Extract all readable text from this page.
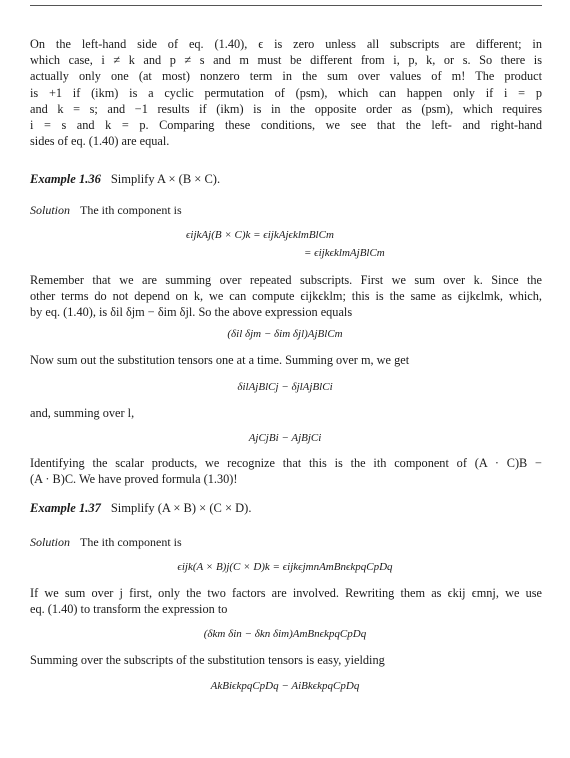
On the left-hand side of eq. (1.40), ϵ is zero unless all subscripts are different; in
which case, i ≠ k and p ≠ s and m must be different from i, p, k, or s. So there is
actually only one (at most) nonzero term in the sum over values of m! The product
is +1 if (ikm) is a cyclic permutation of (psm), which can happen only if i = p
and k = s; and −1 results if (ikm) is in the opposite order as (psm), which requires
i = s and k = p. Comparing these conditions, we see that the left- and right-hand
sides of eq. (1.40) are equal.
Example 1.36 Simplify A × (B × C).
Solution The ith component is
ϵijkAj(B × C)k = ϵijkAjϵklmBlCm
= ϵijkϵklmAjBlCm
Remember that we are summing over repeated subscripts. First we sum over k. Since the
other terms do not depend on k, we can compute ϵijkϵklm; this is the same as ϵijkϵlmk, which,
by eq. (1.40), is δil δjm − δim δjl. So the above expression equals
(δil δjm − δim δjl)AjBlCm
Now sum out the substitution tensors one at a time. Summing over m, we get
δilAjBlCj − δjlAjBlCi
and, summing over l,
AjCjBi − AjBjCi
Identifying the scalar products, we recognize that this is the ith component of (A · C)B −
(A · B)C. We have proved formula (1.30)!
Example 1.37 Simplify (A × B) × (C × D).
Solution The ith component is
ϵijk(A × B)j(C × D)k = ϵijkϵjmnAmBnϵkpqCpDq
If we sum over j first, only the two factors are involved. Rewriting them as ϵkij ϵmnj, we use
eq. (1.40) to transform the expression to
(δkm δin − δkn δim)AmBnϵkpqCpDq
Summing over the subscripts of the substitution tensors is easy, yielding
AkBiϵkpqCpDq − AiBkϵkpqCpDq
